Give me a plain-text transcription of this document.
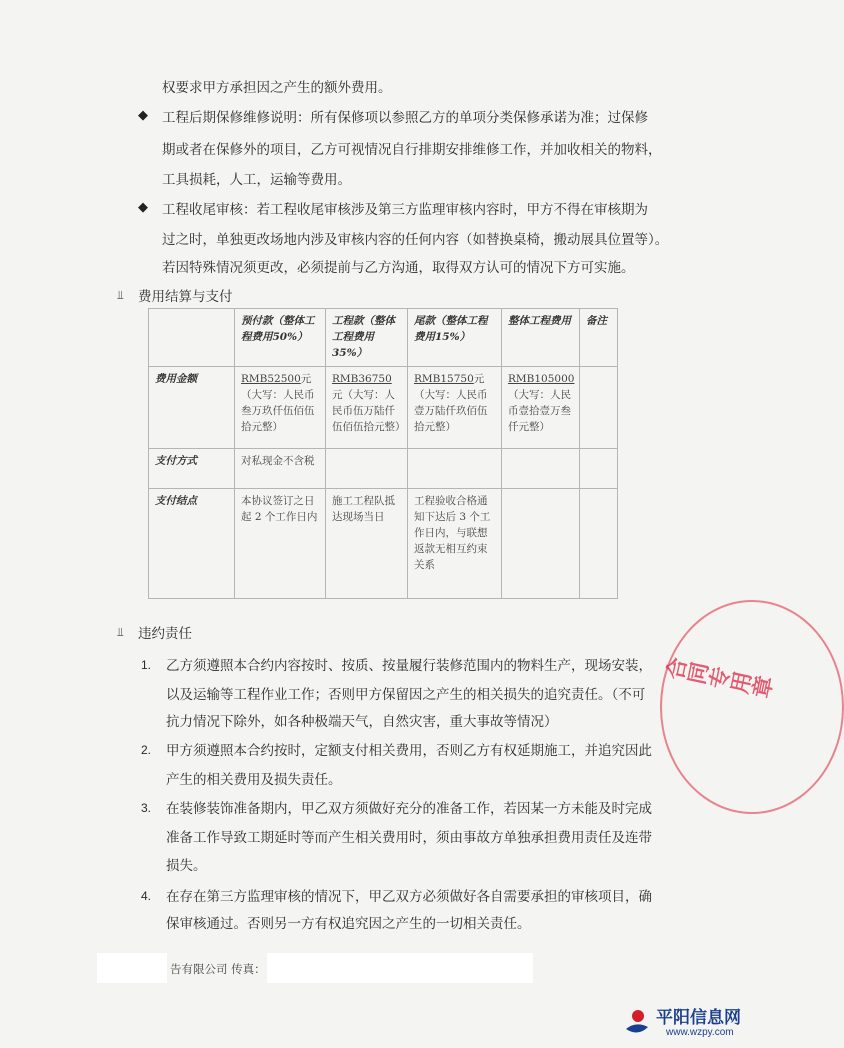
权要求甲方承担因之产生的额外费用。
◆ 工程后期保修维修说明：所有保修项以参照乙方的单项分类保修承诺为准；过保修
期或者在保修外的项目，乙方可视情况自行排期安排维修工作，并加收相关的物料，
工具损耗，人工，运输等费用。
◆ 工程收尾审核：若工程收尾审核涉及第三方监理审核内容时，甲方不得在审核期为
过之时，单独更改场地内涉及审核内容的任何内容（如替换桌椅，搬动展具位置等）。
若因特殊情况须更改，必须提前与乙方沟通，取得双方认可的情况下方可实施。
⫫ 费用结算与支付
	预付款（整体工程费用50%）	工程款（整体工程费用35%）	尾款（整体工程费用15%）	整体工程费用	备注
费用金额	RMB52500元（大写：人民币叁万玖仟伍佰伍拾元整）	RMB36750元（大写：人民币伍万陆仟伍佰伍拾元整）	RMB15750元（大写：人民币壹万陆仟玖佰伍拾元整）	RMB105000（大写：人民币壹拾壹万叁仟元整）	
支付方式	对私现金不含税				
支付结点	本协议签订之日起 2 个工作日内	施工工程队抵达现场当日	工程验收合格通知下达后 3 个工作日内，与联想返款无相互约束关系		
⫫ 违约责任
1. 乙方须遵照本合约内容按时、按质、按量履行装修范围内的物料生产，现场安装，
以及运输等工程作业工作；否则甲方保留因之产生的相关损失的追究责任。（不可
抗力情况下除外，如各种极端天气，自然灾害，重大事故等情况）
2. 甲方须遵照本合约按时，定额支付相关费用，否则乙方有权延期施工，并追究因此
产生的相关费用及损失责任。
3. 在装修装饰准备期内，甲乙双方须做好充分的准备工作，若因某一方未能及时完成
准备工作导致工期延时等而产生相关费用时，须由事故方单独承担费用责任及连带
损失。
4. 在存在第三方监理审核的情况下，甲乙双方必须做好各自需要承担的审核项目，确
保审核通过。否则另一方有权追究因之产生的一切相关责任。
告有限公司 传真：
合同专用章
平阳信息网
www.wzpy.com
